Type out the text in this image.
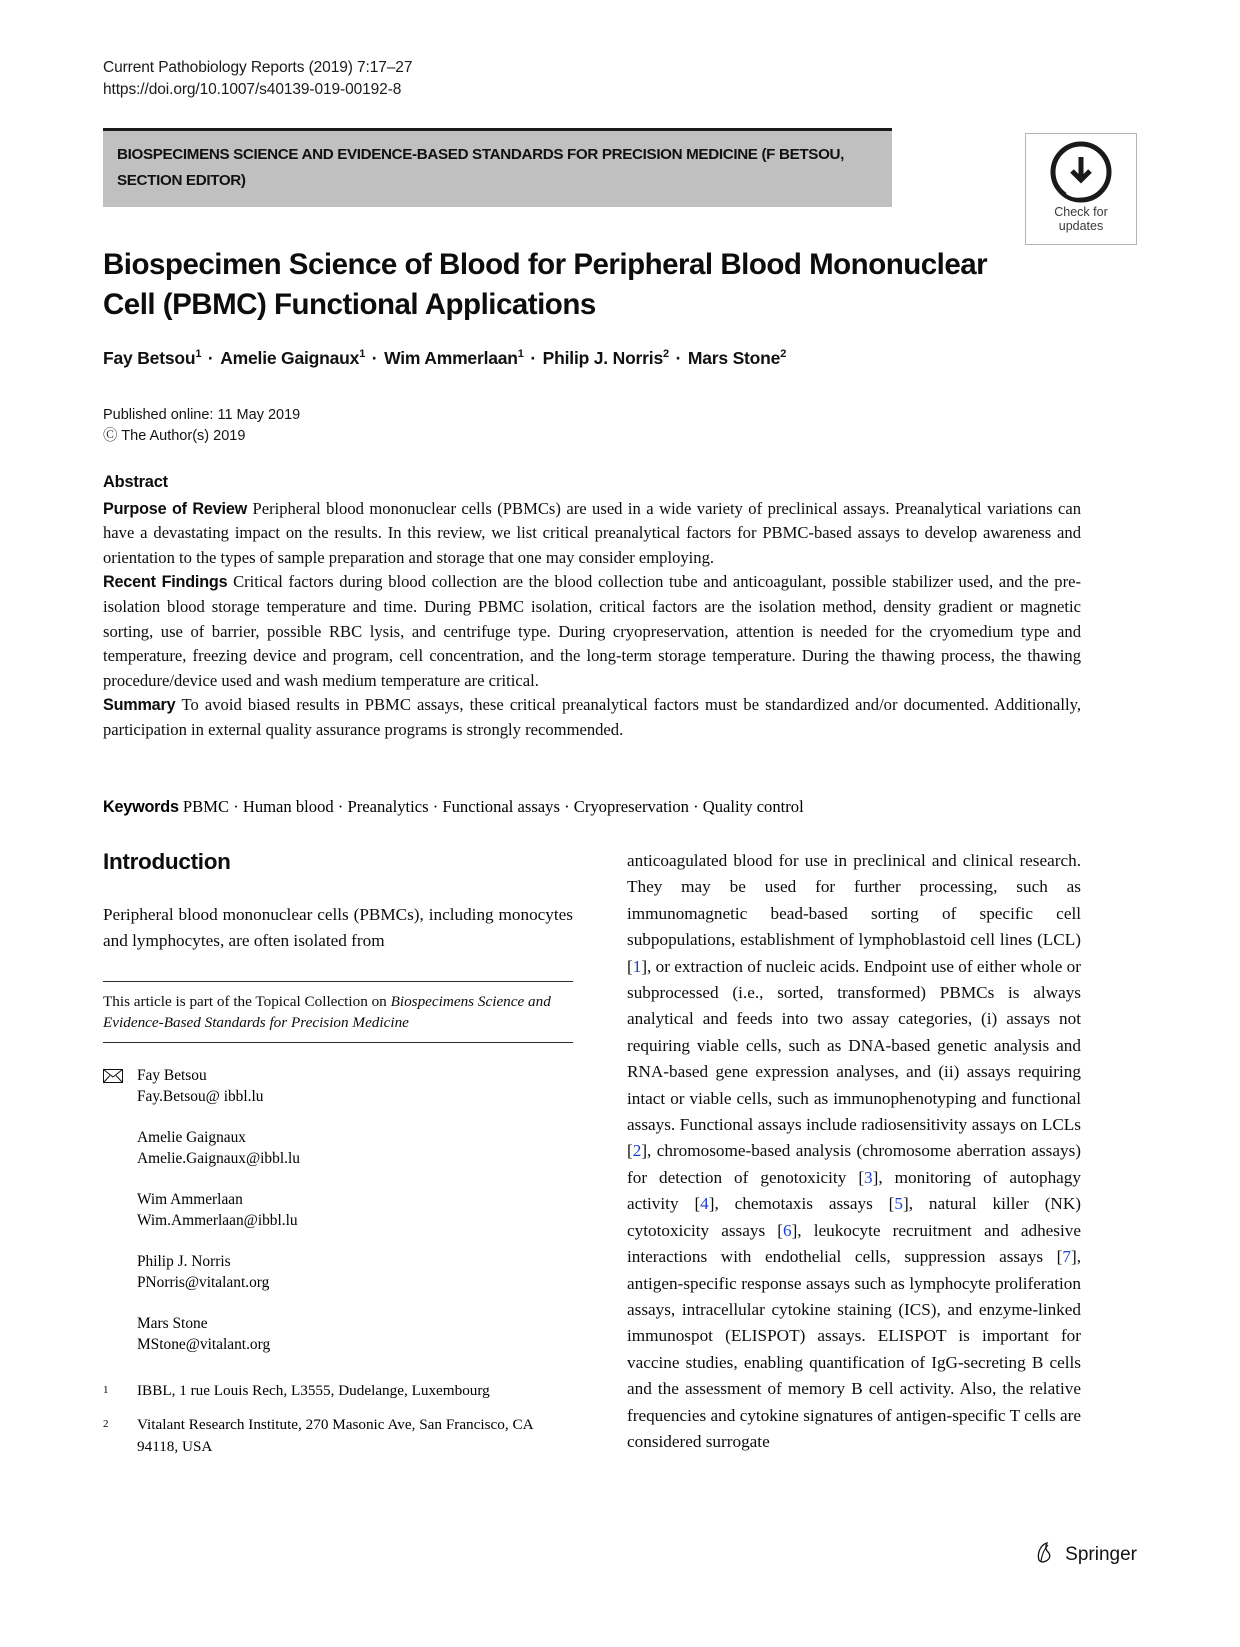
Current Pathobiology Reports (2019) 7:17–27
https://doi.org/10.1007/s40139-019-00192-8
BIOSPECIMENS SCIENCE AND EVIDENCE-BASED STANDARDS FOR PRECISION MEDICINE (F BETSOU, SECTION EDITOR)
Check for
updates
Biospecimen Science of Blood for Peripheral Blood Mononuclear Cell (PBMC) Functional Applications
Fay Betsou$^1$ · Amelie Gaignaux$^1$ · Wim Ammerlaan$^1$ · Philip J. Norris$^2$ · Mars Stone$^2$
Published online: 11 May 2019
Ⓒ The Author(s) 2019
Abstract

Purpose of Review Peripheral blood mononuclear cells (PBMCs) are used in a wide variety of preclinical assays. Preanalytical variations can have a devastating impact on the results. In this review, we list critical preanalytical factors for PBMC-based assays to develop awareness and orientation to the types of sample preparation and storage that one may consider employing.

Recent Findings Critical factors during blood collection are the blood collection tube and anticoagulant, possible stabilizer used, and the pre-isolation blood storage temperature and time. During PBMC isolation, critical factors are the isolation method, density gradient or magnetic sorting, use of barrier, possible RBC lysis, and centrifuge type. During cryopreservation, attention is needed for the cryomedium type and temperature, freezing device and program, cell concentration, and the long-term storage temperature. During the thawing process, the thawing procedure/device used and wash medium temperature are critical.

Summary To avoid biased results in PBMC assays, these critical preanalytical factors must be standardized and/or documented. Additionally, participation in external quality assurance programs is strongly recommended.

Keywords PBMC · Human blood · Preanalytics · Functional assays · Cryopreservation · Quality control
Introduction

Peripheral blood mononuclear cells (PBMCs), including monocytes and lymphocytes, are often isolated from

This article is part of the Topical Collection on Biospecimens Science and Evidence-Based Standards for Precision Medicine

Fay Betsou
Fay.Betsou@ ibbl.lu
Amelie Gaignaux
Amelie.Gaignaux@ibbl.lu
Wim Ammerlaan
Wim.Ammerlaan@ibbl.lu
Philip J. Norris
PNorris@vitalant.org
Mars Stone
MStone@vitalant.org
1	IBBL, 1 rue Louis Rech, L3555, Dudelange, Luxembourg
2	Vitalant Research Institute, 270 Masonic Ave, San Francisco, CA 94118, USA

anticoagulated blood for use in preclinical and clinical research. They may be used for further processing, such as immunomagnetic bead-based sorting of specific cell subpopulations, establishment of lymphoblastoid cell lines (LCL) [1], or extraction of nucleic acids. Endpoint use of either whole or subprocessed (i.e., sorted, transformed) PBMCs is always analytical and feeds into two assay categories, (i) assays not requiring viable cells, such as DNA-based genetic analysis and RNA-based gene expression analyses, and (ii) assays requiring intact or viable cells, such as immunophenotyping and functional assays. Functional assays include radiosensitivity assays on LCLs [2], chromosome-based analysis (chromosome aberration assays) for detection of genotoxicity [3], monitoring of autophagy activity [4], chemotaxis assays [5], natural killer (NK) cytotoxicity assays [6], leukocyte recruitment and adhesive interactions with endothelial cells, suppression assays [7], antigen-specific response assays such as lymphocyte proliferation assays, intracellular cytokine staining (ICS), and enzyme-linked immunospot (ELISPOT) assays. ELISPOT is important for vaccine studies, enabling quantification of IgG-secreting B cells and the assessment of memory B cell activity. Also, the relative frequencies and cytokine signatures of antigen-specific T cells are considered surrogate

Springer
